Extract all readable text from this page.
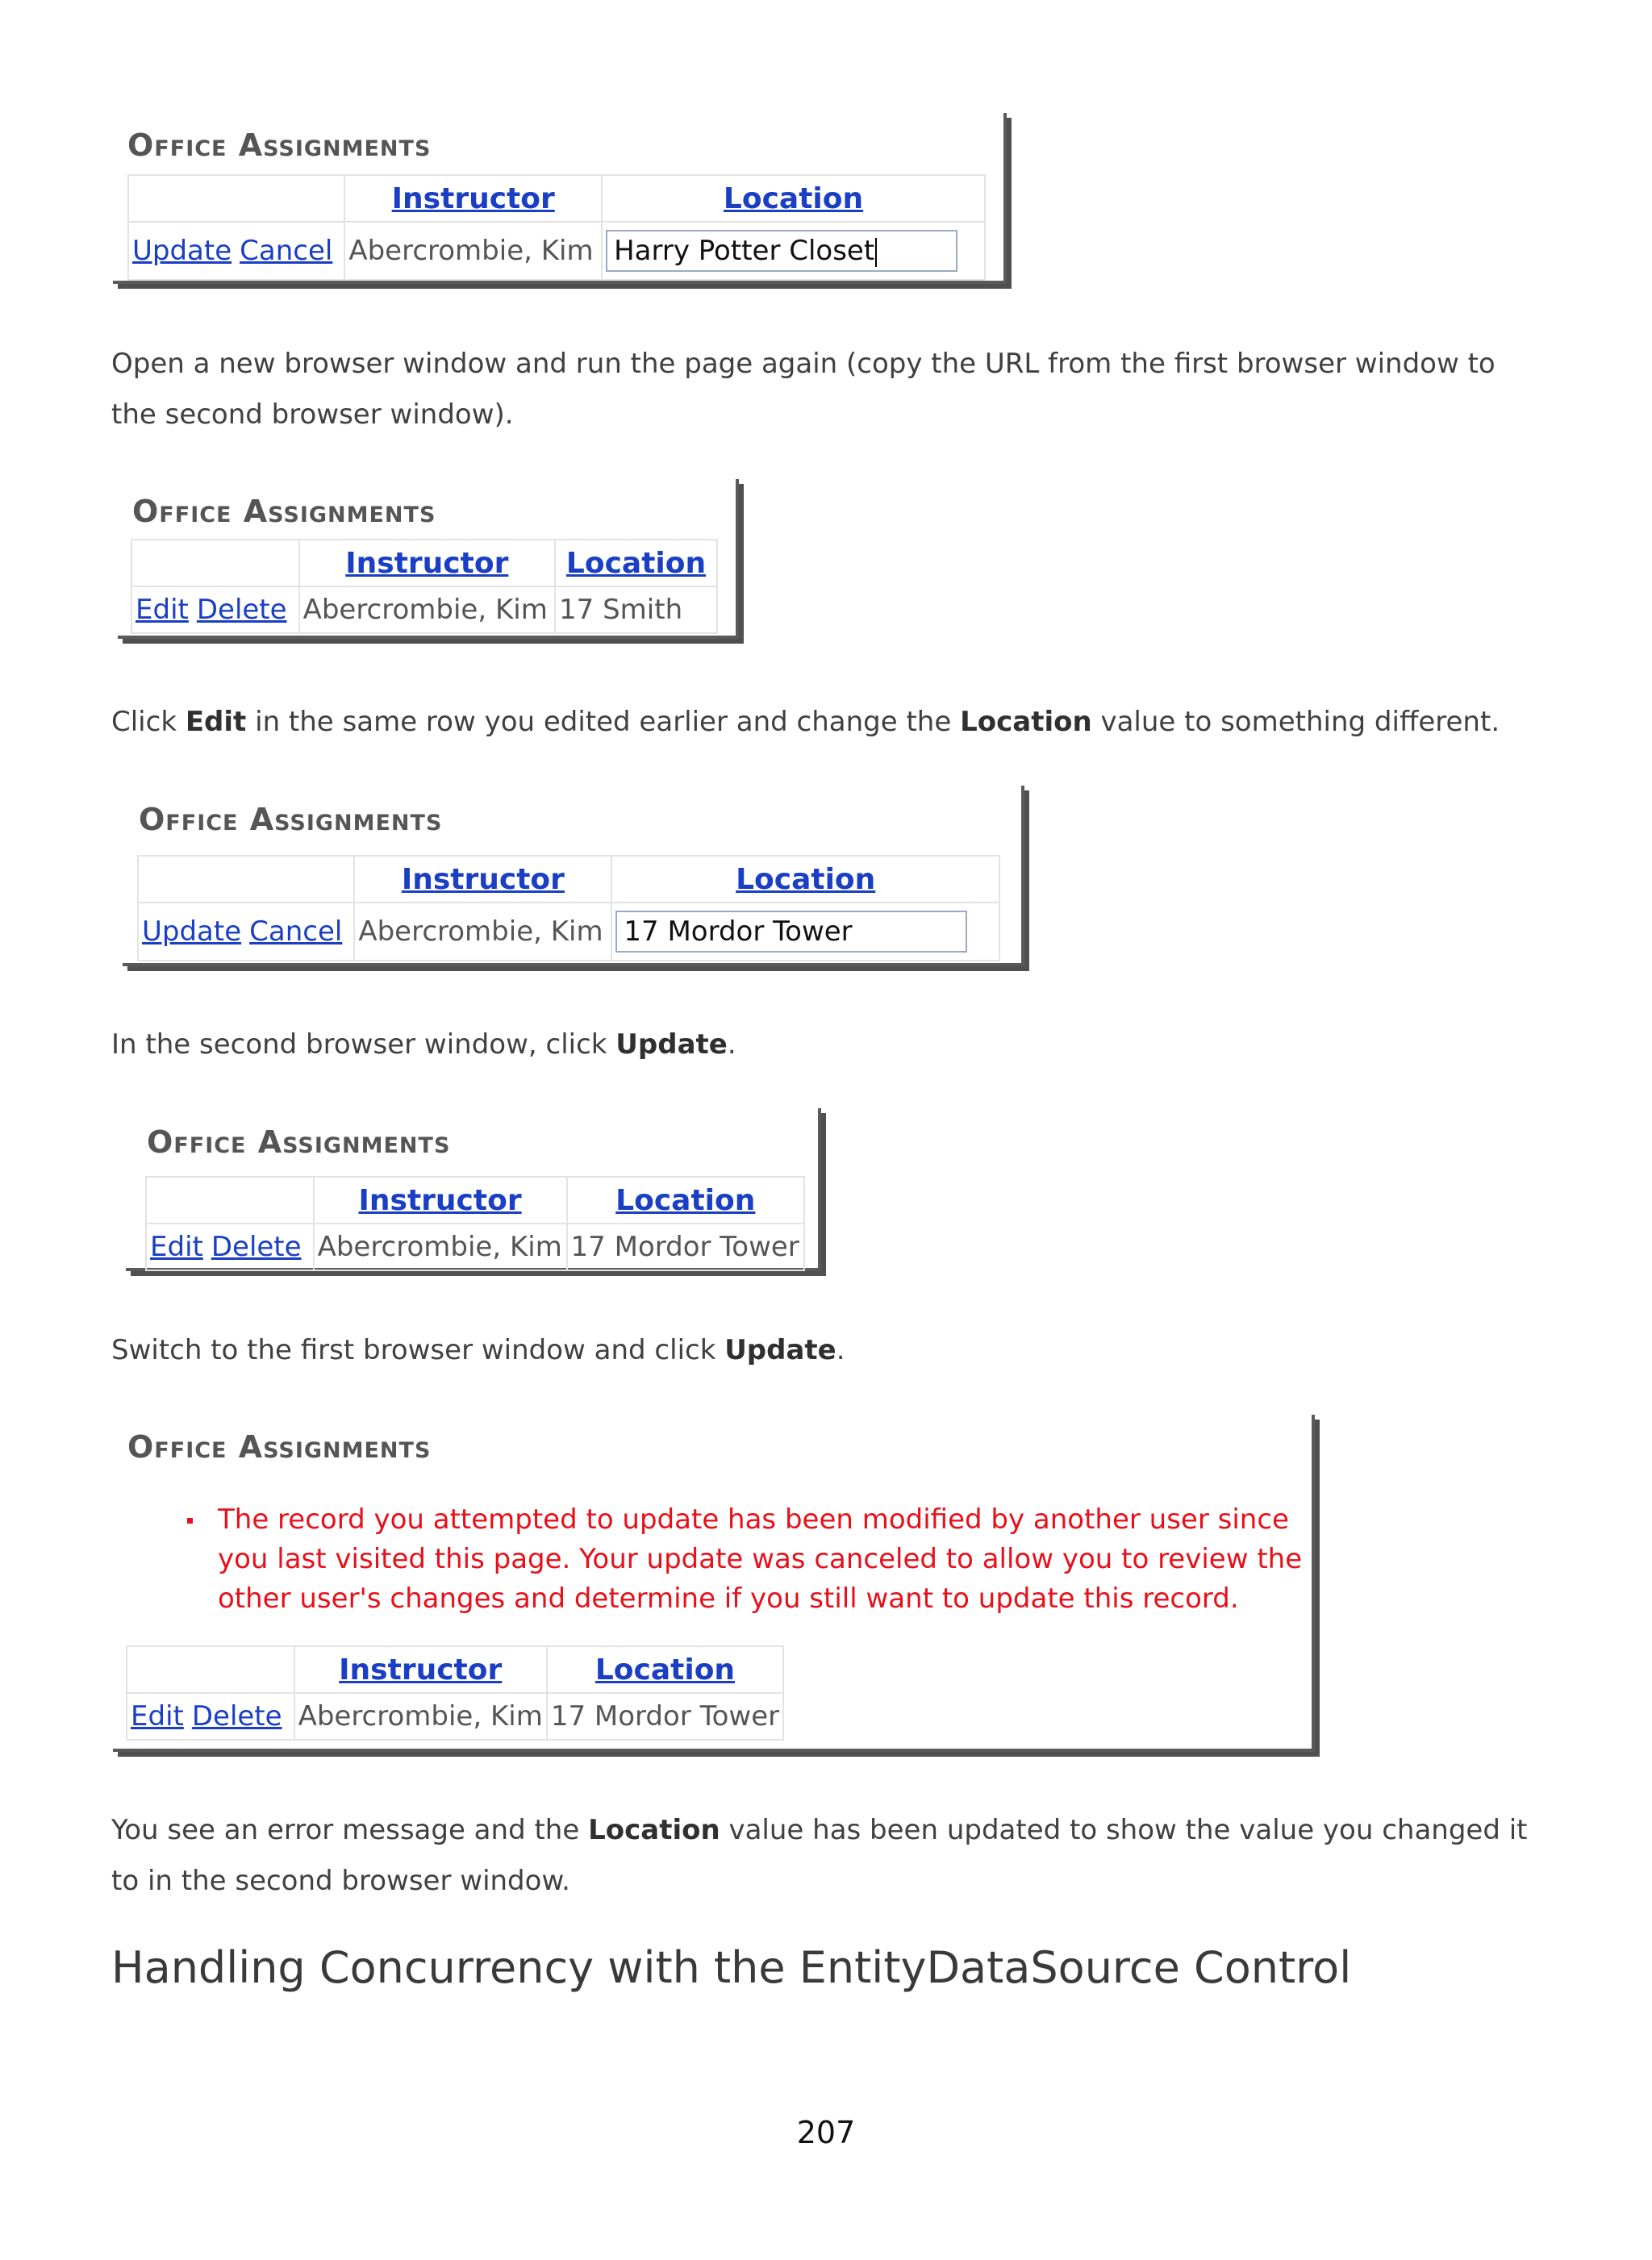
Office Assignments
	Instructor	Location
Update Cancel	Abercrombie, Kim	Harry Potter Closet

Open a new browser window and run the page again (copy the URL from the first browser window to the second browser window).

Office Assignments
	Instructor	Location
Edit Delete	Abercrombie, Kim	17 Smith

Click Edit in the same row you edited earlier and change the Location value to something different.

Office Assignments
	Instructor	Location
Update Cancel	Abercrombie, Kim	17 Mordor Tower

In the second browser window, click Update.

Office Assignments
	Instructor	Location
Edit Delete	Abercrombie, Kim	17 Mordor Tower

Switch to the first browser window and click Update.

Office Assignments
The record you attempted to update has been modified by another user since you last visited this page. Your update was canceled to allow you to review the other user's changes and determine if you still want to update this record.
	Instructor	Location
Edit Delete	Abercrombie, Kim	17 Mordor Tower

You see an error message and the Location value has been updated to show the value you changed it to in the second browser window.

Handling Concurrency with the EntityDataSource Control
207
